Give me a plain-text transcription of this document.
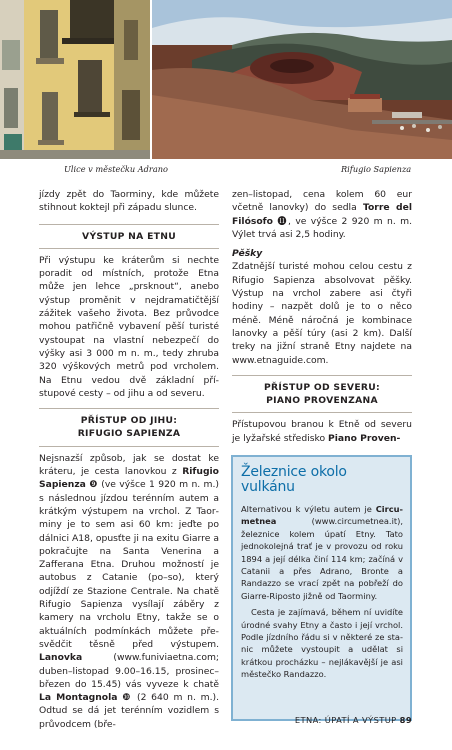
Ulice v městečku Adrano	Rifugio Sapienza

jízdy zpět do Taorminy, kde můžete stihnout koktejl při západu slunce.

VÝSTUP NA ETNU

Při výstupu ke kráterům si nechte poradit od místních, protože Etna může jen lehce „prsknout“, anebo výstup proměnit v nejdramatičtější zážitek vašeho života. Bez průvodce mohou patřičně vybavení pěší turisté vystoupat na vlastní nebezpečí do výšky asi 3 000 m n. m., tedy zhruba 320 výškových metrů pod vrcholem. Na Etnu vedou dvě základní přístupové cesty – od jihu a od severu.

PŘÍSTUP OD JIHU:

RIFUGIO SAPIENZA

Nejsnazší způsob, jak se dostat ke kráteru, je cesta lanovkou z Rifugio Sapienza ❾ (ve výšce 1 920 m n. m.) s následnou jízdou terénním autem a krátkým výstupem na vrchol. Z Taorminy je to sem asi 60 km: jeďte po dálnici A18, opusťte ji na exitu Giarre a pokračujte na Santa Venerina a Zafferana Etna. Druhou možností je autobus z Catanie (po–so), který odjíždí ze Stazione Centrale. Na chatě Rifugio Sapienza vysílají záběry z kamery na vrcholu Etny, takže se o aktuálních podmínkách můžete přesvědčit těsně před výstupem. Lanovka (www.funiviaetna.com; duben–listopad 9.00–16.15, prosinec–březen do 15.45) vás vyveze k chatě La Montagnola ❿ (2 640 m n. m.). Odtud se dá jet terénním vozidlem s průvodcem (bře-

zen–listopad, cena kolem 60 eur včetně lanovky) do sedla Torre del Filósofo ⓫, ve výšce 2 920 m n. m. Výlet trvá asi 2,5 hodiny.

Pěšky

Zdatnější turisté mohou celou cestu z Rifugio Sapienza absolvovat pěšky. Výstup na vrchol zabere asi čtyři hodiny – nazpět dolů je to o něco méně. Méně náročná je kombinace lanovky a pěší túry (asi 2 km). Další treky na jižní straně Etny najdete na www.etnaguide.com.

PŘÍSTUP OD SEVERU:

PIANO PROVENZANA

Přístupovou branou k Etně od severu je lyžařské středisko Piano Proven-

Železnice okolo vulkánu

Alternativou k výletu autem je Circumetnea (www.circumetnea.it), železnice kolem úpatí Etny. Tato jednokolejná trať je v provozu od roku 1894 a její délka činí 114 km; začíná v Catanii a přes Adrano, Bronte a Randazzo se vrací zpět na pobřeží do Giarre-Riposto jižně od Taorminy.

Cesta je zajímavá, během ní uvidíte úrodné svahy Etny a často i její vrchol. Podle jízdního řádu si v některé ze stanic můžete vystoupit a udělat si krátkou procházku – nejlákavější je asi městečko Randazzo.

ETNA: ÚPATÍ A VÝSTUP 89
